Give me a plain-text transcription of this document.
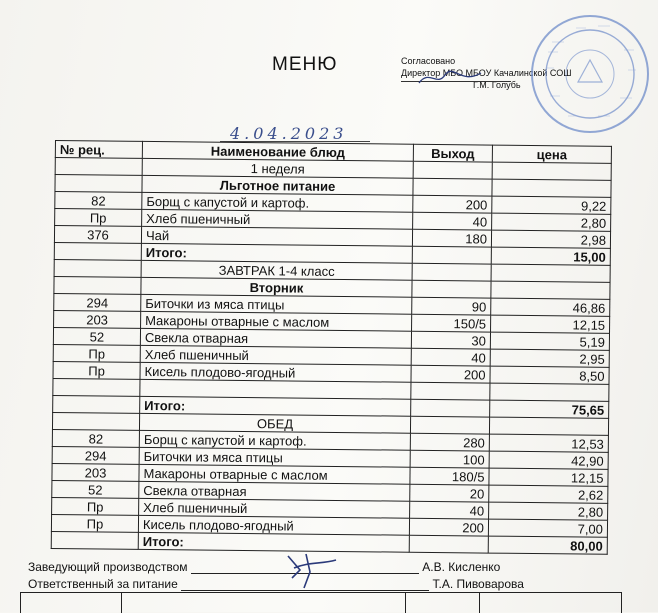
МЕНЮ	Согласовано
Директор МБО МБОУ Качалинской СОШ
Г.М. Голубь
4.04.2023
№ рец.	Наименование блюд	Выход	цена
	1 неделя		
	Льготное питание		
82	Борщ с капустой и картоф.	200	9,22
Пр	Хлеб пшеничный	40	2,80
376	Чай	180	2,98
	Итого:		15,00
	ЗАВТРАК 1-4 класс		
	Вторник		
294	Биточки из мяса птицы	90	46,86
203	Макароны отварные с маслом	150/5	12,15
52	Свекла отварная	30	5,19
Пр	Хлеб пшеничный	40	2,95
Пр	Кисель плодово-ягодный	200	8,50

	Итого:		75,65
	ОБЕД		
82	Борщ с капустой и картоф.	280	12,53
294	Биточки из мяса птицы	100	42,90
203	Макароны отварные с маслом	180/5	12,15
52	Свекла отварная	20	2,62
Пр	Хлеб пшеничный	40	2,80
Пр	Кисель плодово-ягодный	200	7,00
	Итого:		80,00
Заведующий производством	А.В. Кисленко
Ответственный за питание	Т.А. Пивоварова
